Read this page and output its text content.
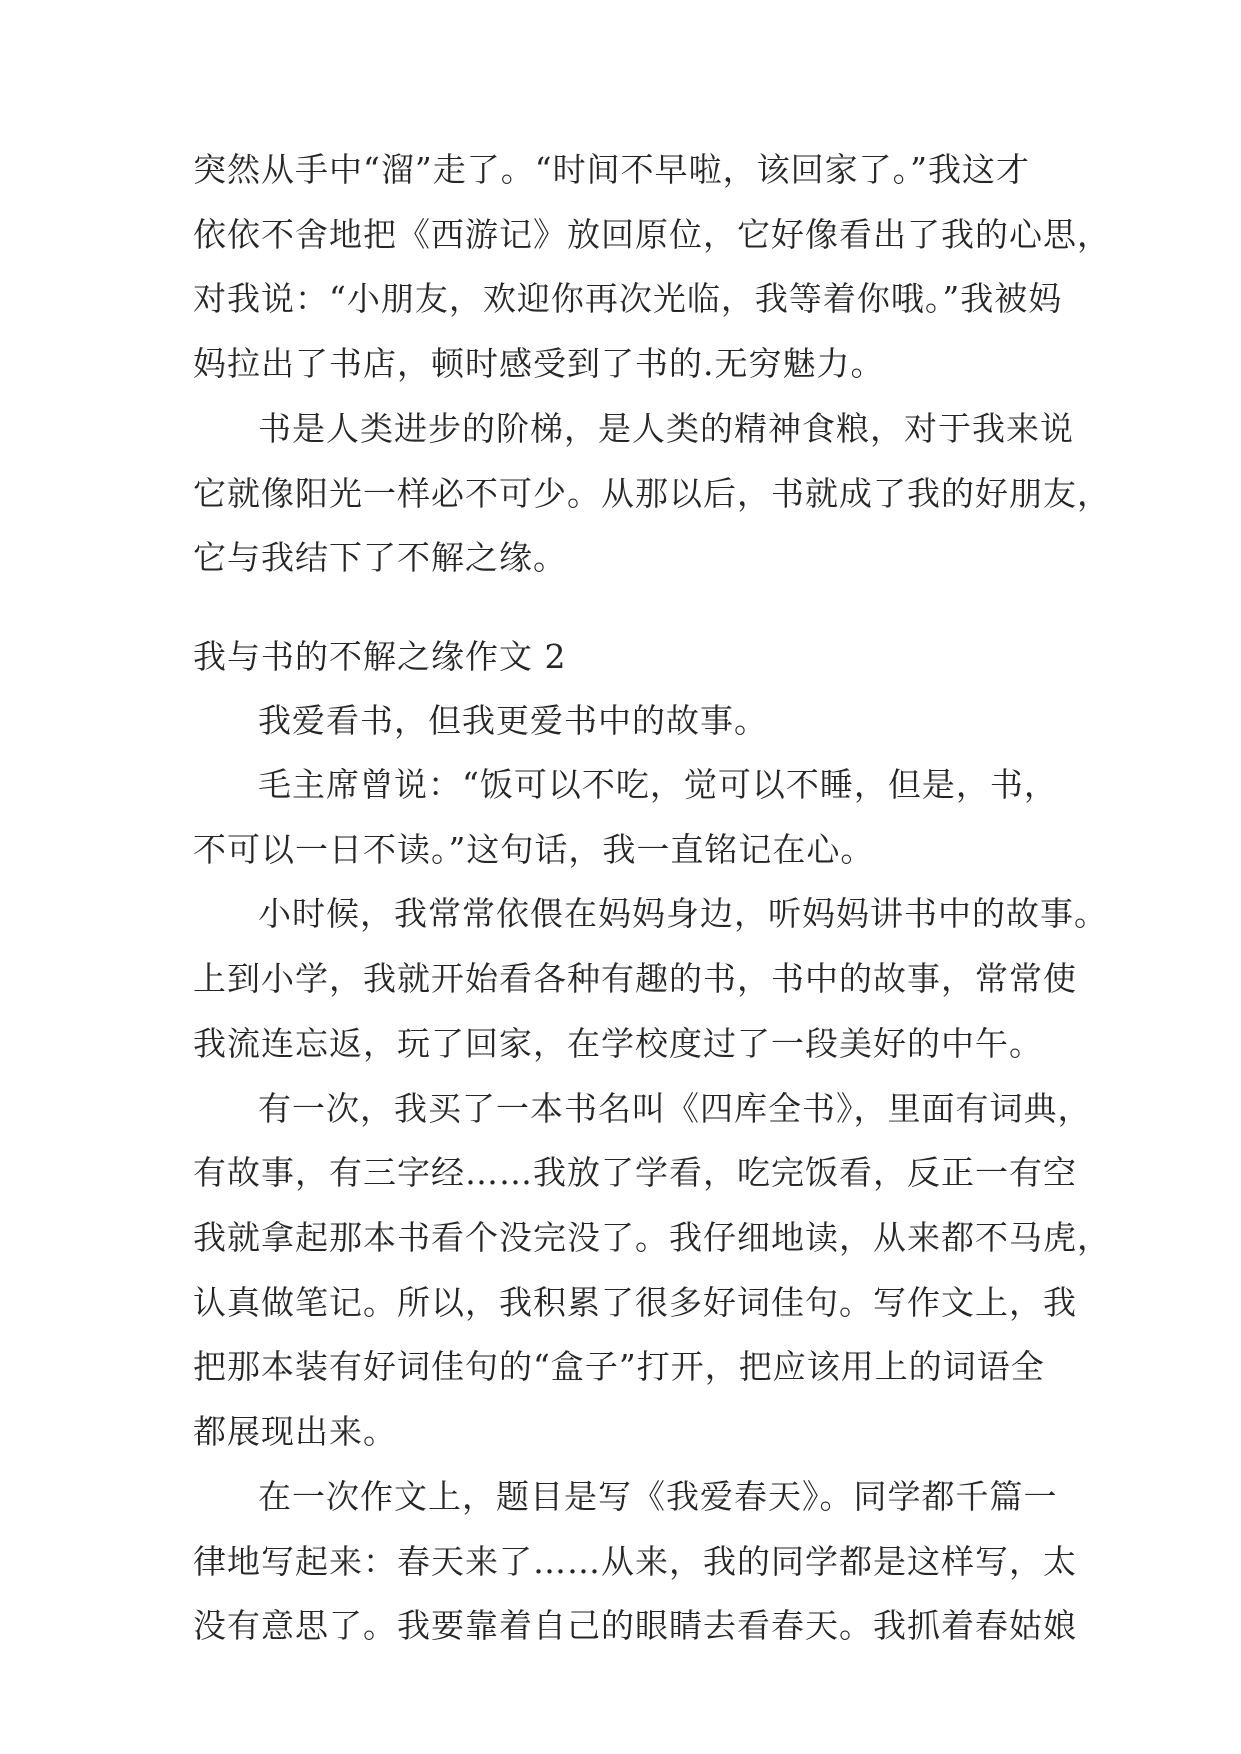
突然从手中“溜”走了。“时间不早啦，该回家了。”我这才
依依不舍地把《西游记》放回原位，它好像看出了我的心思，
对我说：“小朋友，欢迎你再次光临，我等着你哦。”我被妈
妈拉出了书店，顿时感受到了书的.无穷魅力。
书是人类进步的阶梯，是人类的精神食粮，对于我来说
它就像阳光一样必不可少。从那以后，书就成了我的好朋友，
它与我结下了不解之缘。
我与书的不解之缘作文 2
我爱看书，但我更爱书中的故事。
毛主席曾说：“饭可以不吃，觉可以不睡，但是，书，
不可以一日不读。”这句话，我一直铭记在心。
小时候，我常常依偎在妈妈身边，听妈妈讲书中的故事。
上到小学，我就开始看各种有趣的书，书中的故事，常常使
我流连忘返，玩了回家，在学校度过了一段美好的中午。
有一次，我买了一本书名叫《四库全书》，里面有词典，
有故事，有三字经……我放了学看，吃完饭看，反正一有空
我就拿起那本书看个没完没了。我仔细地读，从来都不马虎，
认真做笔记。所以，我积累了很多好词佳句。写作文上，我
把那本装有好词佳句的“盒子”打开，把应该用上的词语全
都展现出来。
在一次作文上，题目是写《我爱春天》。同学都千篇一
律地写起来：春天来了……从来，我的同学都是这样写，太
没有意思了。我要靠着自己的眼睛去看春天。我抓着春姑娘
